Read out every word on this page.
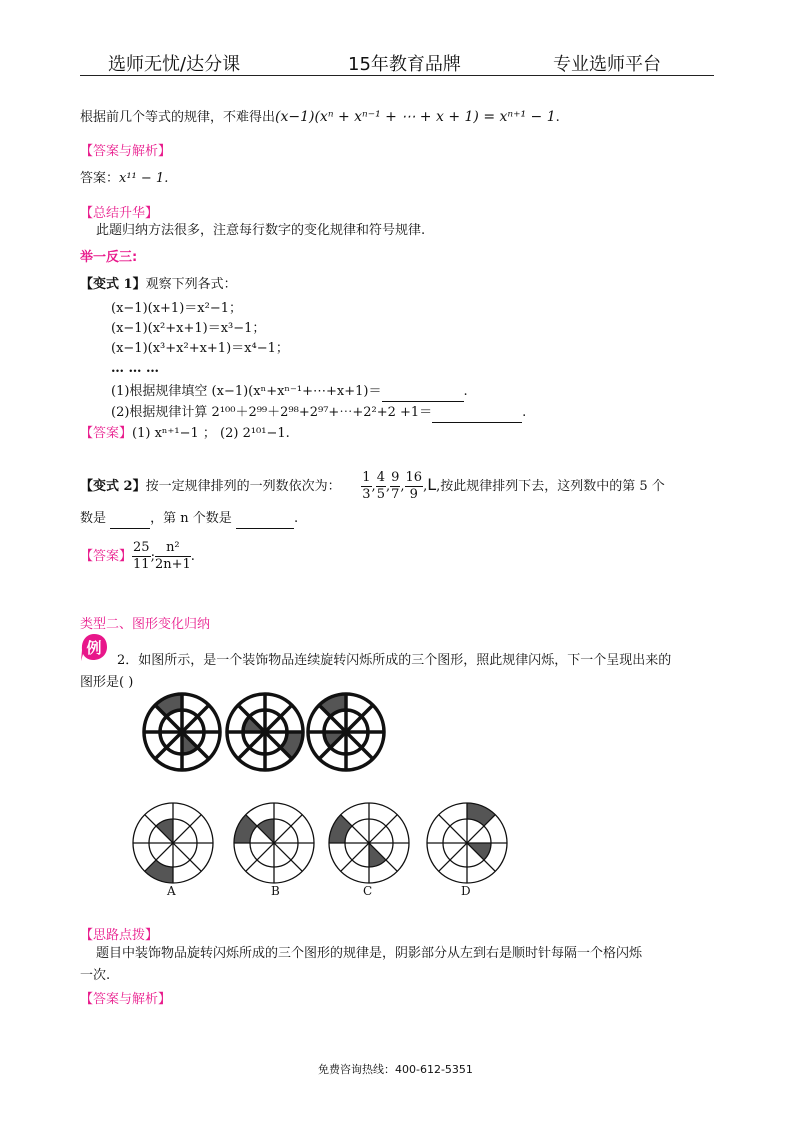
选师无忧/达分课	15年教育品牌	专业选师平台
根据前几个等式的规律，不难得出(x−1)(xⁿ + xⁿ⁻¹ + ⋯ + x + 1) = xⁿ⁺¹ − 1.
【答案与解析】
答案：x¹¹ − 1.
【总结升华】
此题归纳方法很多，注意每行数字的变化规律和符号规律.
举一反三:
【变式 1】观察下列各式：
(x−1)(x+1)＝x²−1；
(x−1)(x²+x+1)＝x³−1；
(x−1)(x³+x²+x+1)＝x⁴−1；
… … …
(1)根据规律填空 (x−1)(xⁿ+xⁿ⁻¹+⋯+x+1)＝	.
(2)根据规律计算 2¹⁰⁰＋2⁹⁹＋2⁹⁸+2⁹⁷+⋯+2²+2 +1＝	.
【答案】(1) xⁿ⁺¹−1 ； (2) 2¹⁰¹−1.
【变式 2】按一定规律排列的一列数依次为： $\frac{1}{3}$ , $\frac{4}{5}$ , $\frac{9}{7}$ , $\frac{16}{9} ,L$,按此规律排列下去，这列数中的第 5 个
数是	，第 n 个数是	.
【答案】 $\frac{25}{11}$ ; $\frac{\text{n²}}{2n+1}$ .
类型二、图形变化归纳
例
2．如图所示，是一个装饰物品连续旋转闪烁所成的三个图形，照此规律闪烁，下一个呈现出来的
图形是( )
A	B	C	D
【思路点拨】
题目中装饰物品旋转闪烁所成的三个图形的规律是，阴影部分从左到右是顺时针每隔一个格闪烁
一次.
【答案与解析】
免费咨询热线：400-612-5351
